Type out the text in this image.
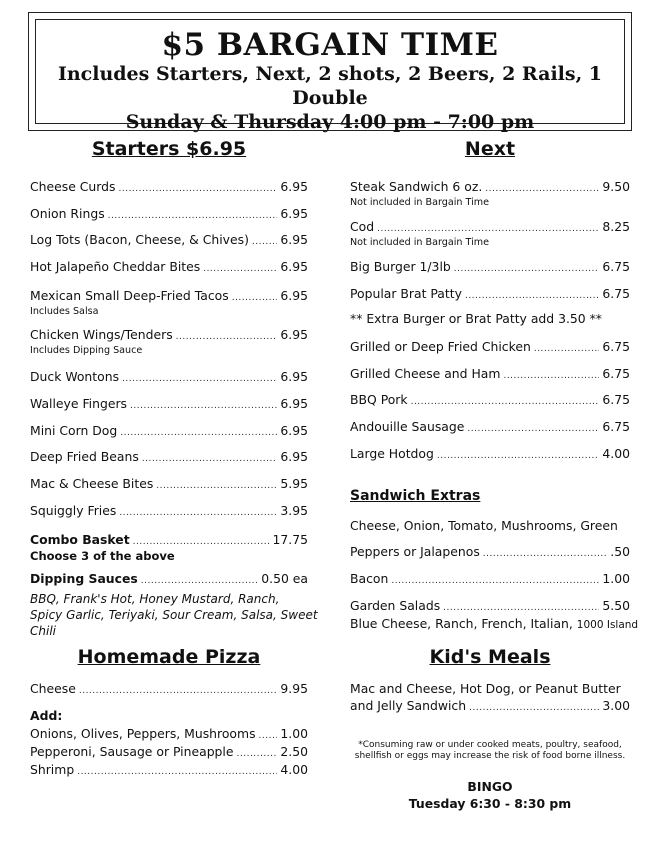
$5 BARGAIN TIME
Includes Starters, Next, 2 shots, 2 Beers, 2 Rails, 1 Double
Sunday & Thursday 4:00 pm - 7:00 pm
Starters $6.95
Cheese Curds .....	6.95
Onion Rings .....	6.95
Log Tots (Bacon, Cheese, & Chives) .....	6.95
Hot Jalapeño Cheddar Bites .....	6.95
Mexican Small Deep-Fried Tacos .....	6.95
Includes Salsa
Chicken Wings/Tenders .....	6.95
Includes Dipping Sauce
Duck Wontons .....	6.95
Walleye Fingers .....	6.95
Mini Corn Dog .....	6.95
Deep Fried Beans .....	6.95
Mac & Cheese Bites .....	5.95
Squiggly Fries .....	3.95
Combo Basket .....	17.75
Choose 3 of the above
Dipping Sauces .....	0.50 ea
BBQ, Frank's Hot, Honey Mustard, Ranch,
Spicy Garlic, Teriyaki, Sour Cream, Salsa, Sweet
Chili
Homemade Pizza
Cheese .....	9.95
Add:
Onions, Olives, Peppers, Mushrooms ..... 1.00
Pepperoni, Sausage or Pineapple .....	2.50
Shrimp .....	4.00
Next
Steak Sandwich 6 oz. .....	9.50
Not included in Bargain Time
Cod .....	8.25
Not included in Bargain Time
Big Burger 1/3lb .....	6.75
Popular Brat Patty .....	6.75
** Extra Burger or Brat Patty add 3.50 **
Grilled or Deep Fried Chicken .....	6.75
Grilled Cheese and Ham .....	6.75
BBQ Pork .....	6.75
Andouille Sausage .....	6.75
Large Hotdog .....	4.00
Sandwich Extras
Cheese, Onion, Tomato, Mushrooms, Green
Peppers or Jalapenos .....	.50
Bacon .....	1.00
Garden Salads .....	5.50
Blue Cheese, Ranch, French, Italian, 1000 Island
Kid's Meals
Mac and Cheese, Hot Dog, or Peanut Butter
and Jelly Sandwich .....	3.00
*Consuming raw or under cooked meats, poultry, seafood,
shellfish or eggs may increase the risk of food borne illness.
BINGO
Tuesday 6:30 - 8:30 pm
